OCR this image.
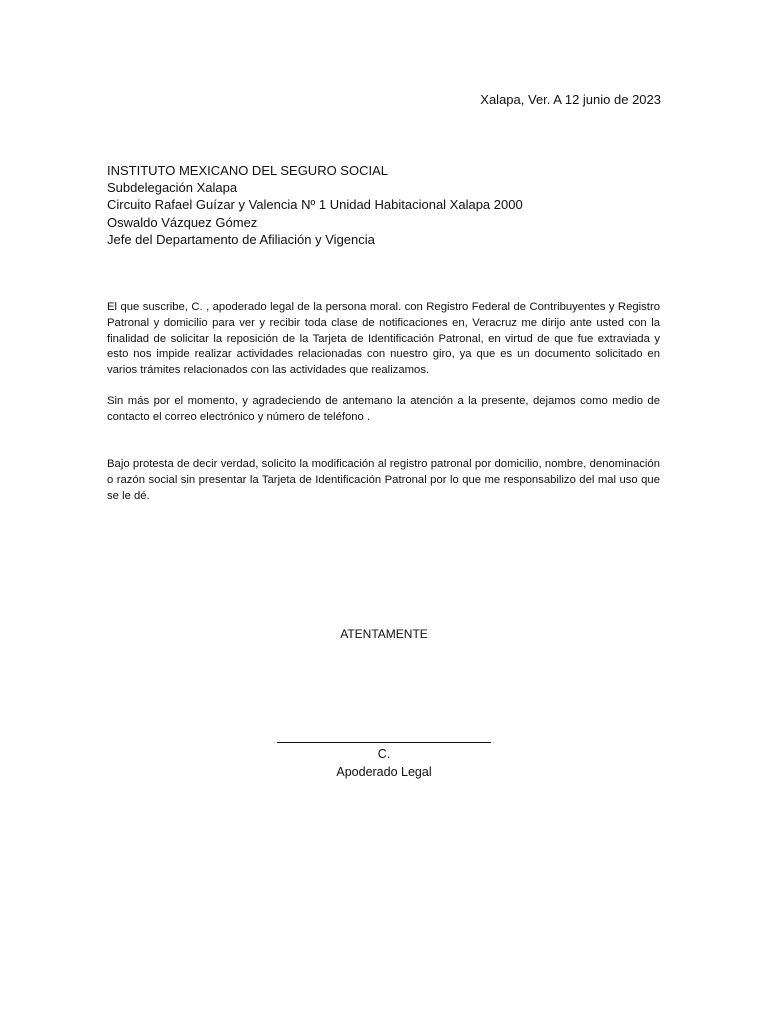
Xalapa, Ver. A 12 junio de 2023
INSTITUTO MEXICANO DEL SEGURO SOCIAL
Subdelegación Xalapa
Circuito Rafael Guízar y Valencia Nº 1 Unidad Habitacional Xalapa 2000
Oswaldo Vázquez Gómez
Jefe del Departamento de Afiliación y Vigencia

El que suscribe, C. , apoderado legal de la persona moral. con Registro Federal de Contribuyentes y Registro Patronal y domicilio para ver y recibir toda clase de notificaciones en, Veracruz me dirijo ante usted con la finalidad de solicitar la reposición de la Tarjeta de Identificación Patronal, en virtud de que fue extraviada y esto nos impide realizar actividades relacionadas con nuestro giro, ya que es un documento solicitado en varios trámites relacionados con las actividades que realizamos.

Sin más por el momento, y agradeciendo de antemano la atención a la presente, dejamos como medio de contacto el correo electrónico y número de teléfono .

Bajo protesta de decir verdad, solicito la modificación al registro patronal por domicilio, nombre, denominación o razón social sin presentar la Tarjeta de Identificación Patronal por lo que me responsabilizo del mal uso que se le dé.

ATENTAMENTE
C.
Apoderado Legal
